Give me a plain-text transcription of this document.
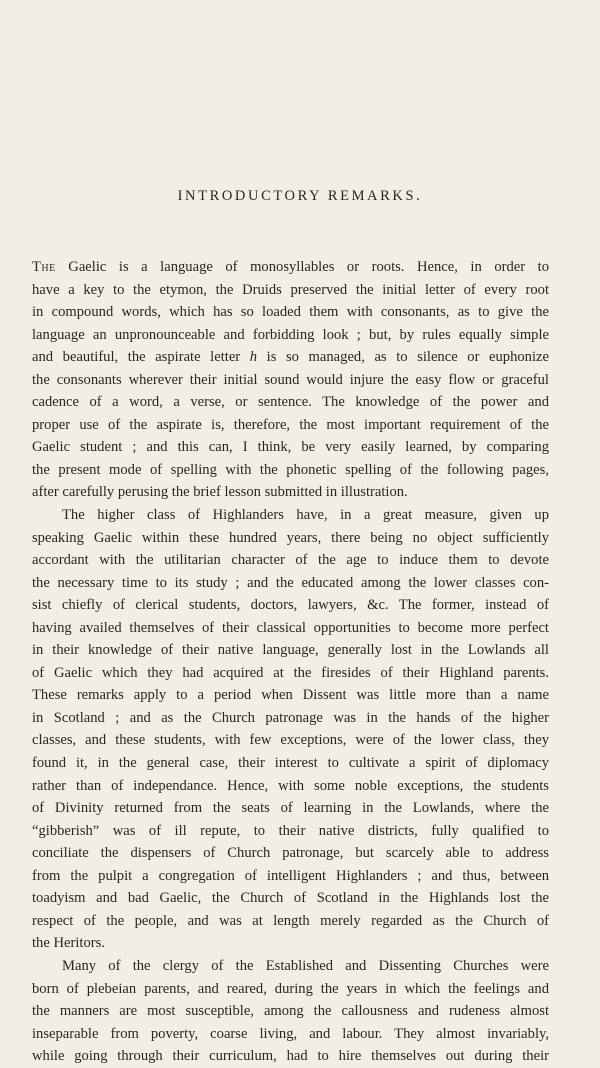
INTRODUCTORY REMARKS.
The Gaelic is a language of monosyllables or roots. Hence, in order to
have a key to the etymon, the Druids preserved the initial letter of every root
in compound words, which has so loaded them with consonants, as to give the
language an unpronounceable and forbidding look ; but, by rules equally simple
and beautiful, the aspirate letter h is so managed, as to silence or euphonize
the consonants wherever their initial sound would injure the easy flow or graceful
cadence of a word, a verse, or sentence. The knowledge of the power and
proper use of the aspirate is, therefore, the most important requirement of the
Gaelic student ; and this can, I think, be very easily learned, by comparing
the present mode of spelling with the phonetic spelling of the following pages,
after carefully perusing the brief lesson submitted in illustration.
The higher class of Highlanders have, in a great measure, given up
speaking Gaelic within these hundred years, there being no object sufficiently
accordant with the utilitarian character of the age to induce them to devote
the necessary time to its study ; and the educated among the lower classes con-
sist chiefly of clerical students, doctors, lawyers, &c. The former, instead of
having availed themselves of their classical opportunities to become more perfect
in their knowledge of their native language, generally lost in the Lowlands all
of Gaelic which they had acquired at the firesides of their Highland parents.
These remarks apply to a period when Dissent was little more than a name
in Scotland ; and as the Church patronage was in the hands of the higher
classes, and these students, with few exceptions, were of the lower class, they
found it, in the general case, their interest to cultivate a spirit of diplomacy
rather than of independance. Hence, with some noble exceptions, the students
of Divinity returned from the seats of learning in the Lowlands, where the
“gibberish” was of ill repute, to their native districts, fully qualified to
conciliate the dispensers of Church patronage, but scarcely able to address
from the pulpit a congregation of intelligent Highlanders ; and thus, between
toadyism and bad Gaelic, the Church of Scotland in the Highlands lost the
respect of the people, and was at length merely regarded as the Church of
the Heritors.
Many of the clergy of the Established and Dissenting Churches were
born of plebeian parents, and reared, during the years in which the feelings and
the manners are most susceptible, among the callousness and rudeness almost
inseparable from poverty, coarse living, and labour. They almost invariably,
while going through their curriculum, had to hire themselves out during their
